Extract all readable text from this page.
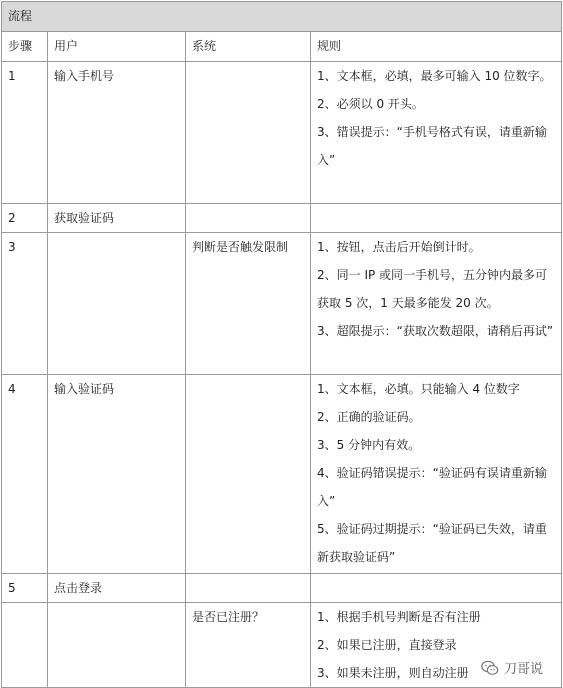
流程			
步骤	用户	系统	规则
1	输入手机号		1、文本框，必填，最多可输入 10 位数字。
2、必须以 0 开头。
3、错误提示：“手机号格式有误，请重新输入”

2	获取验证码		
3		判断是否触发限制	1、按钮，点击后开始倒计时。
2、同一 IP 或同一手机号，五分钟内最多可获取 5 次，1 天最多能发 20 次。
3、超限提示：“获取次数超限，请稍后再试”

4	输入验证码		1、文本框，必填。只能输入 4 位数字
2、正确的验证码。
3、5 分钟内有效。
4、验证码错误提示：“验证码有误请重新输入”
5、验证码过期提示：“验证码已失效，请重新获取验证码”

5	点击登录		
		是否已注册？	1、根据手机号判断是否有注册
2、如果已注册，直接登录
3、如果未注册，则自动注册	刀哥说
